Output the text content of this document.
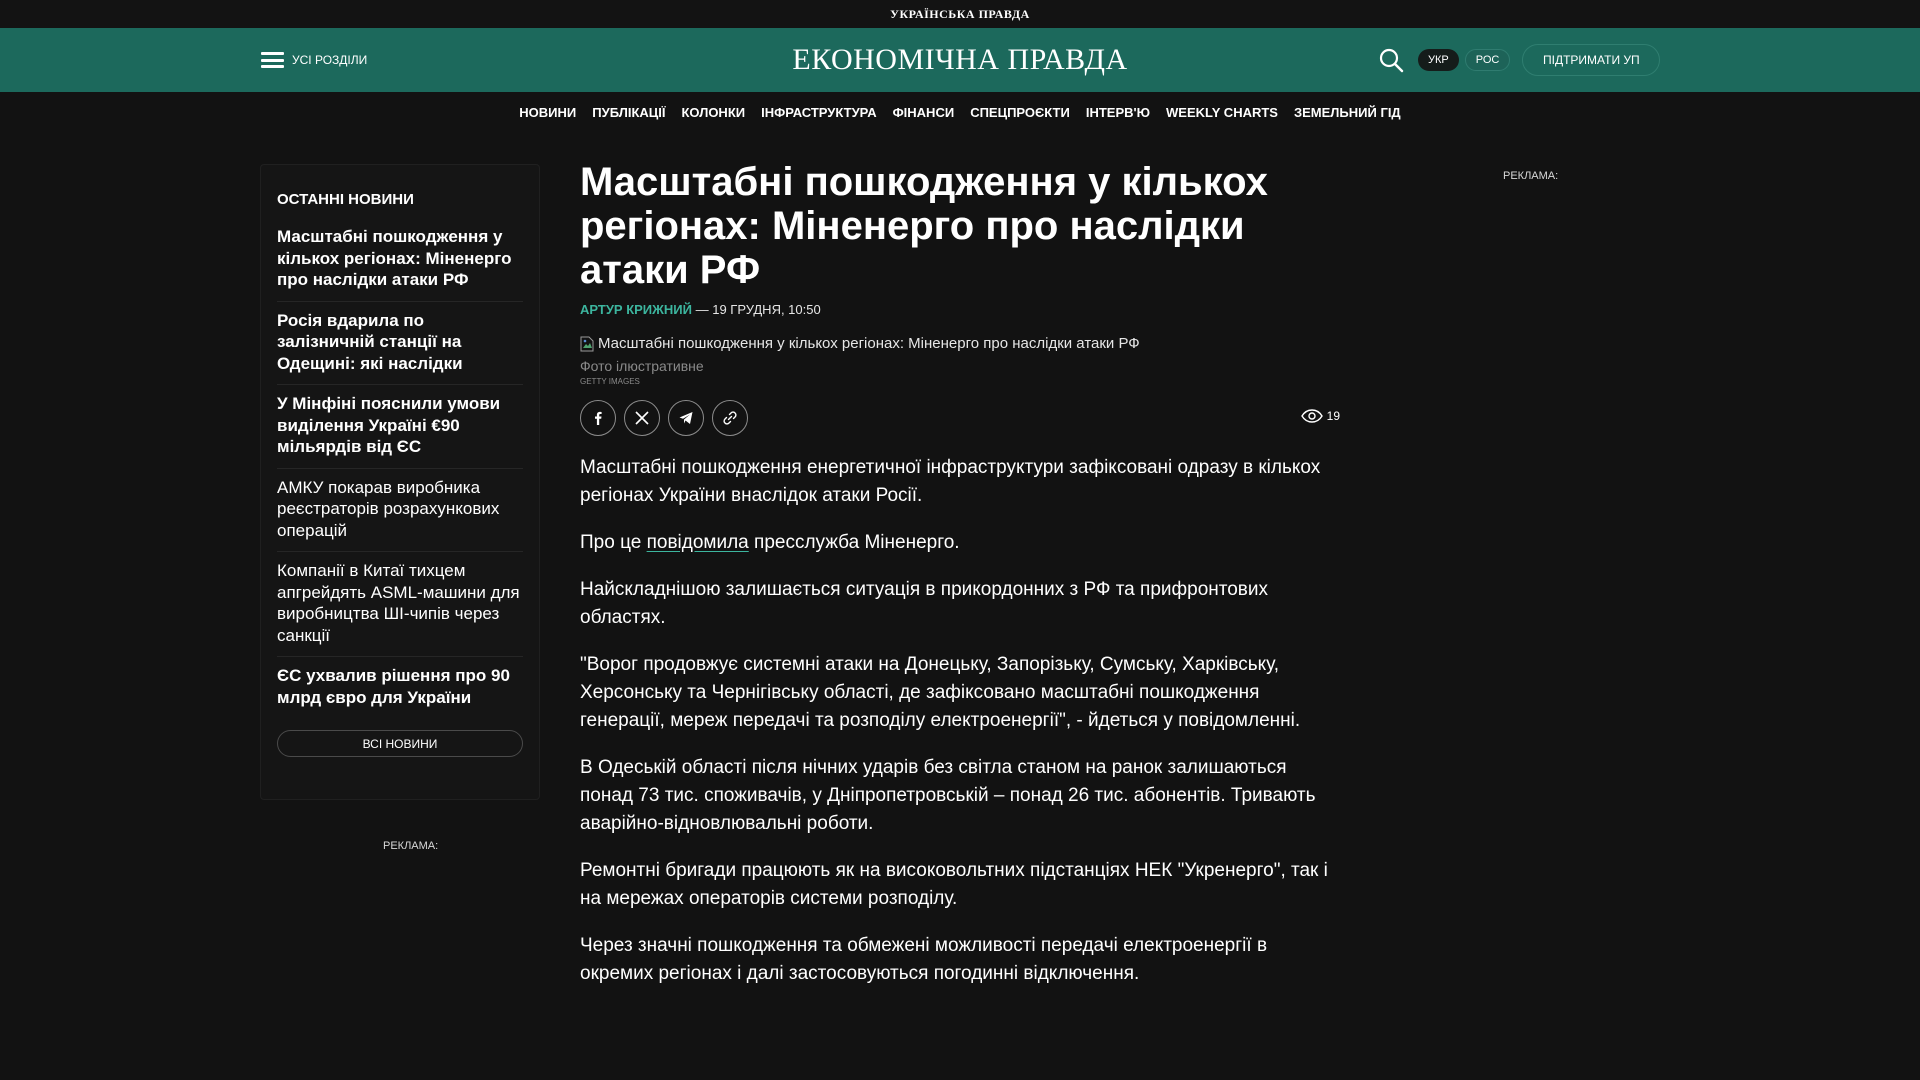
УКРАЇНСЬКА ПРАВДА
УСІ РОЗДІЛИ	ЕКОНОМІЧНА ПРАВДА	УКР	РОС	ПІДТРИМАТИ УП
НОВИНИ ПУБЛІКАЦІЇ КОЛОНКИ ІНФРАСТРУКТУРА ФІНАНСИ СПЕЦПРОЄКТИ ІНТЕРВ'Ю WEEKLY CHARTS ЗЕМЕЛЬНИЙ ГІД
ОСТАННІ НОВИНИ
Масштабні пошкодження у кількох регіонах: Міненерго про наслідки атаки РФ
Росія вдарила по залізничній станції на Одещині: які наслідки
У Мінфіні пояснили умови виділення Україні €90 мільярдів від ЄС
АМКУ покарав виробника реєстраторів розрахункових операцій
Компанії в Китаї тихцем апгрейдять ASML-машини для виробництва ШІ-чипів через санкції
ЄС ухвалив рішення про 90 млрд євро для України
ВСІ НОВИНИ
РЕКЛАМА:
РЕКЛАМА:
Масштабні пошкодження у кількох регіонах: Міненерго про наслідки атаки РФ
АРТУР КРИЖНИЙ — 19 ГРУДНЯ, 10:50
Масштабні пошкодження у кількох регіонах: Міненерго про наслідки атаки РФ
Фото ілюстративне
GETTY IMAGES
19

Масштабні пошкодження енергетичної інфраструктури зафіксовані одразу в кількох регіонах України внаслідок атаки Росії.

Про це повідомила пресслужба Міненерго.

Найскладнішою залишається ситуація в прикордонних з РФ та прифронтових областях.

"Ворог продовжує системні атаки на Донецьку, Запорізьку, Сумську, Харківську, Херсонську та Чернігівську області, де зафіксовано масштабні пошкодження генерації, мереж передачі та розподілу електроенергії", - йдеться у повідомленні.

В Одеській області після нічних ударів без світла станом на ранок залишаються понад 73 тис. споживачів, у Дніпропетровській – понад 26 тис. абонентів. Тривають аварійно-відновлювальні роботи.

Ремонтні бригади працюють як на високовольтних підстанціях НЕК "Укренерго", так і на мережах операторів системи розподілу.

Через значні пошкодження та обмежені можливості передачі електроенергії в окремих регіонах і далі застосовуються погодинні відключення.
